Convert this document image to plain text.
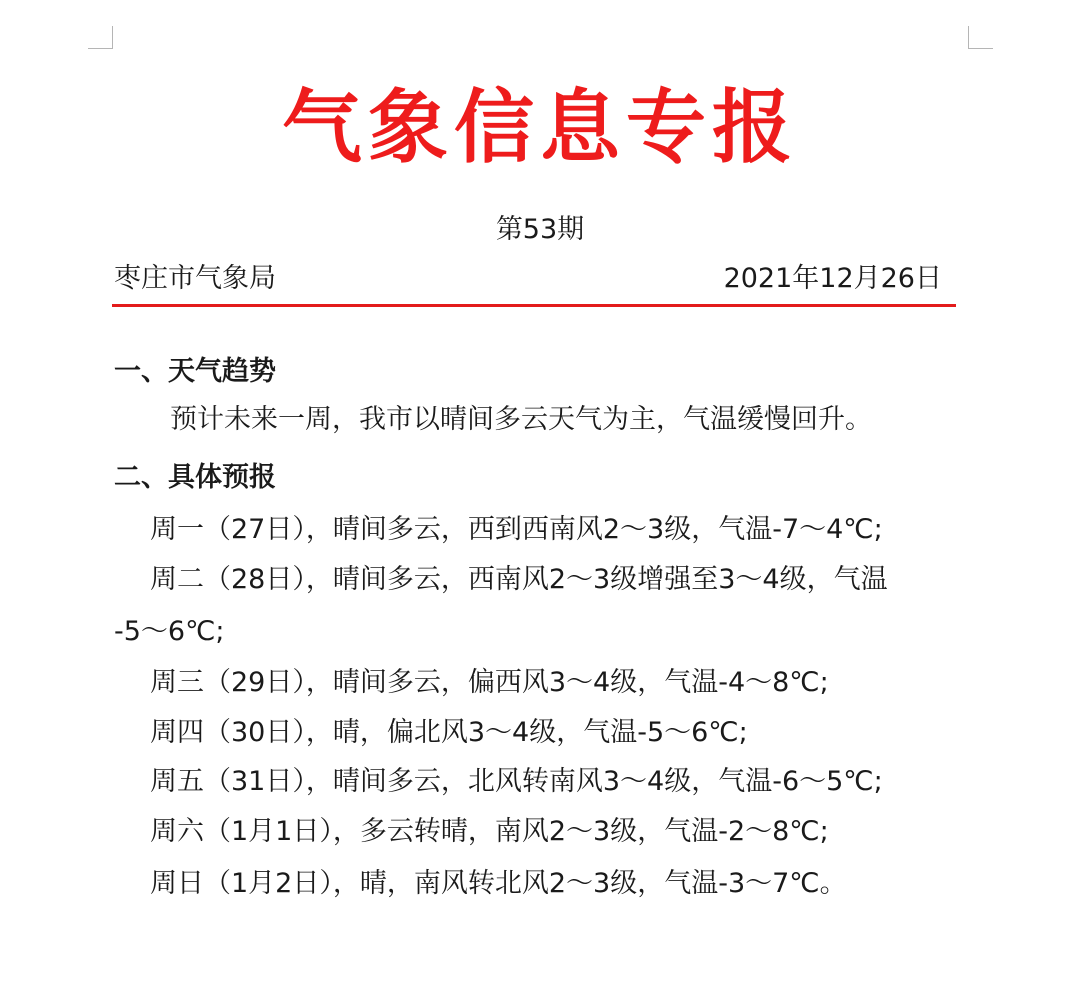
气象信息专报
第53期
枣庄市气象局	2021年12月26日
一、天气趋势
预计未来一周，我市以晴间多云天气为主，气温缓慢回升。
二、具体预报
周一（27日），晴间多云，西到西南风2～3级，气温-7～4℃;
周二（28日），晴间多云，西南风2～3级增强至3～4级，气温
-5～6℃;
周三（29日），晴间多云，偏西风3～4级，气温-4～8℃;
周四（30日），晴，偏北风3～4级，气温-5～6℃;
周五（31日），晴间多云，北风转南风3～4级，气温-6～5℃;
周六（1月1日），多云转晴，南风2～3级，气温-2～8℃;
周日（1月2日），晴，南风转北风2～3级，气温-3～7℃。
